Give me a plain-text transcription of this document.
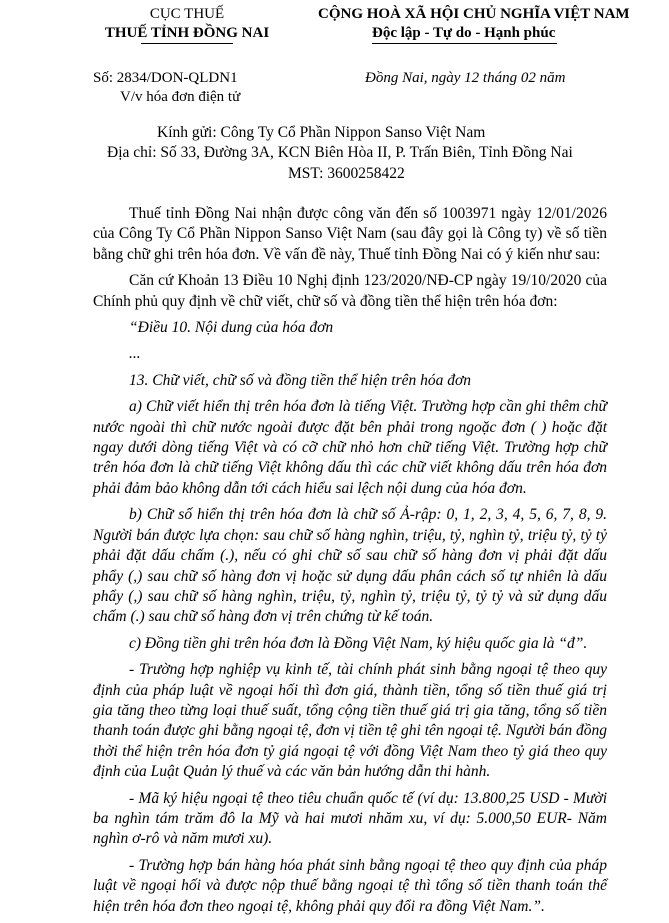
CỤC THUẾ
THUẾ TỈNH ĐỒNG NAI
Số: 2834/DON-QLDN1
V/v hóa đơn điện tử
CỘNG HOÀ XÃ HỘI CHỦ NGHĨA VIỆT NAM
Độc lập - Tự do - Hạnh phúc
Đồng Nai, ngày 12 tháng 02 năm
Kính gửi: Công Ty Cổ Phần Nippon Sanso Việt Nam
Địa chỉ: Số 33, Đường 3A, KCN Biên Hòa II, P. Trấn Biên, Tỉnh Đồng Nai
MST: 3600258422

Thuế tỉnh Đồng Nai nhận được công văn đến số 1003971 ngày 12/01/2026 của Công Ty Cổ Phần Nippon Sanso Việt Nam (sau đây gọi là Công ty) về số tiền bằng chữ ghi trên hóa đơn. Về vấn đề này, Thuế tỉnh Đồng Nai có ý kiến như sau:

Căn cứ Khoản 13 Điều 10 Nghị định 123/2020/NĐ-CP ngày 19/10/2020 của Chính phủ quy định về chữ viết, chữ số và đồng tiền thể hiện trên hóa đơn:

“Điều 10. Nội dung của hóa đơn

...

13. Chữ viết, chữ số và đồng tiền thể hiện trên hóa đơn

a) Chữ viết hiển thị trên hóa đơn là tiếng Việt. Trường hợp cần ghi thêm chữ nước ngoài thì chữ nước ngoài được đặt bên phải trong ngoặc đơn ( ) hoặc đặt ngay dưới dòng tiếng Việt và có cỡ chữ nhỏ hơn chữ tiếng Việt. Trường hợp chữ trên hóa đơn là chữ tiếng Việt không dấu thì các chữ viết không dấu trên hóa đơn phải đảm bảo không dẫn tới cách hiểu sai lệch nội dung của hóa đơn.

b) Chữ số hiển thị trên hóa đơn là chữ số Ả-rập: 0, 1, 2, 3, 4, 5, 6, 7, 8, 9. Người bán được lựa chọn: sau chữ số hàng nghìn, triệu, tỷ, nghìn tỷ, triệu tỷ, tỷ tỷ phải đặt dấu chấm (.), nếu có ghi chữ số sau chữ số hàng đơn vị phải đặt dấu phẩy (,) sau chữ số hàng đơn vị hoặc sử dụng dấu phân cách số tự nhiên là dấu phẩy (,) sau chữ số hàng nghìn, triệu, tỷ, nghìn tỷ, triệu tỷ, tỷ tỷ và sử dụng dấu chấm (.) sau chữ số hàng đơn vị trên chứng từ kế toán.

c) Đồng tiền ghi trên hóa đơn là Đồng Việt Nam, ký hiệu quốc gia là “đ”.

- Trường hợp nghiệp vụ kinh tế, tài chính phát sinh bằng ngoại tệ theo quy định của pháp luật về ngoại hối thì đơn giá, thành tiền, tổng số tiền thuế giá trị gia tăng theo từng loại thuế suất, tổng cộng tiền thuế giá trị gia tăng, tổng số tiền thanh toán được ghi bằng ngoại tệ, đơn vị tiền tệ ghi tên ngoại tệ. Người bán đồng thời thể hiện trên hóa đơn tỷ giá ngoại tệ với đồng Việt Nam theo tỷ giá theo quy định của Luật Quản lý thuế và các văn bản hướng dẫn thi hành.

- Mã ký hiệu ngoại tệ theo tiêu chuẩn quốc tế (ví dụ: 13.800,25 USD - Mười ba nghìn tám trăm đô la Mỹ và hai mươi nhăm xu, ví dụ: 5.000,50 EUR- Năm nghìn ơ-rô và năm mươi xu).

- Trường hợp bán hàng hóa phát sinh bằng ngoại tệ theo quy định của pháp luật về ngoại hối và được nộp thuế bằng ngoại tệ thì tổng số tiền thanh toán thể hiện trên hóa đơn theo ngoại tệ, không phải quy đổi ra đồng Việt Nam.”.
